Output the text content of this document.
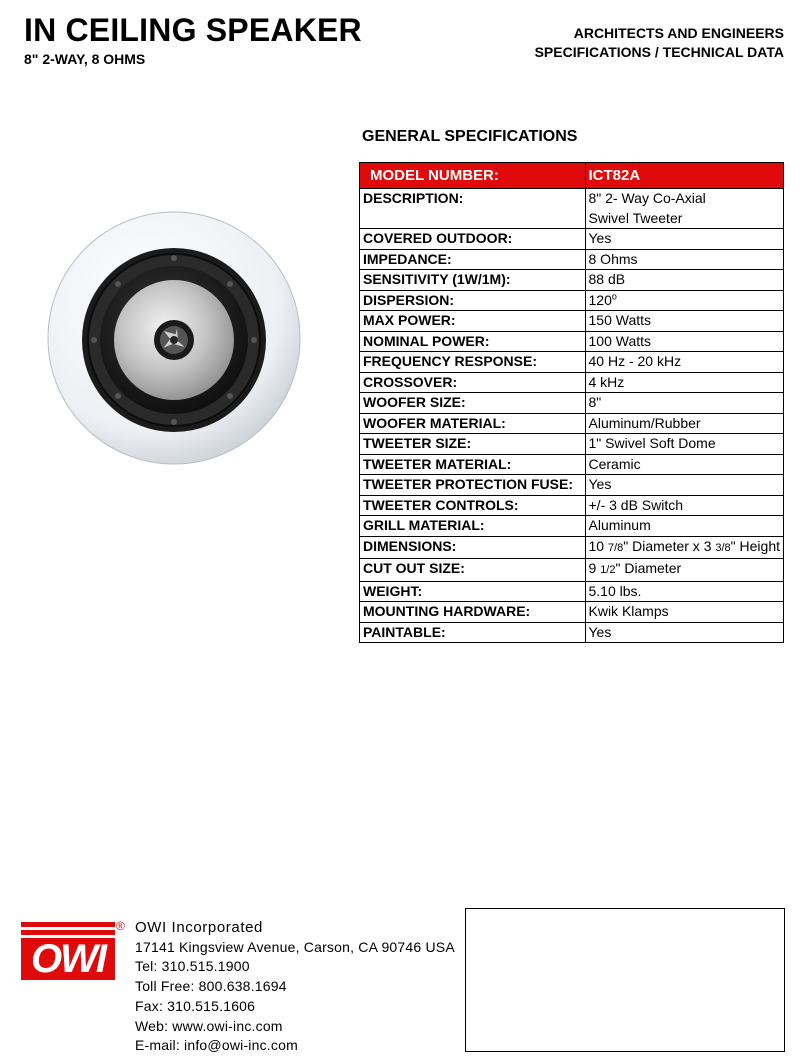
IN CEILING SPEAKER
8" 2-WAY, 8 OHMS
ARCHITECTS AND ENGINEERS
SPECIFICATIONS / TECHNICAL DATA
GENERAL SPECIFICATIONS
MODEL NUMBER:	ICT82A
DESCRIPTION:	8" 2- Way Co-Axial
Swivel Tweeter

COVERED OUTDOOR:	Yes
IMPEDANCE:	8 Ohms
SENSITIVITY (1W/1M):	88 dB
DISPERSION:	120$^o$
MAX POWER:	150 Watts
NOMINAL POWER:	100 Watts
FREQUENCY RESPONSE:	40 Hz - 20 kHz
CROSSOVER:	4 kHz
WOOFER SIZE:	8"
WOOFER MATERIAL:	Aluminum/Rubber
TWEETER SIZE:	1" Swivel Soft Dome
TWEETER MATERIAL:	Ceramic
TWEETER PROTECTION FUSE:	Yes
TWEETER CONTROLS:	+/- 3 dB Switch
GRILL MATERIAL:	Aluminum
DIMENSIONS:	10 7/8" Diameter x 3 3/8" Height
CUT OUT SIZE:	9 1/2" Diameter
WEIGHT:	5.10 lbs.
MOUNTING HARDWARE:	Kwik Klamps
PAINTABLE:	Yes
OWI
® OWI Incorporated
17141 Kingsview Avenue, Carson, CA 90746 USA
Tel: 310.515.1900
Toll Free: 800.638.1694
Fax: 310.515.1606
Web: www.owi-inc.com
E-mail: info@owi-inc.com
